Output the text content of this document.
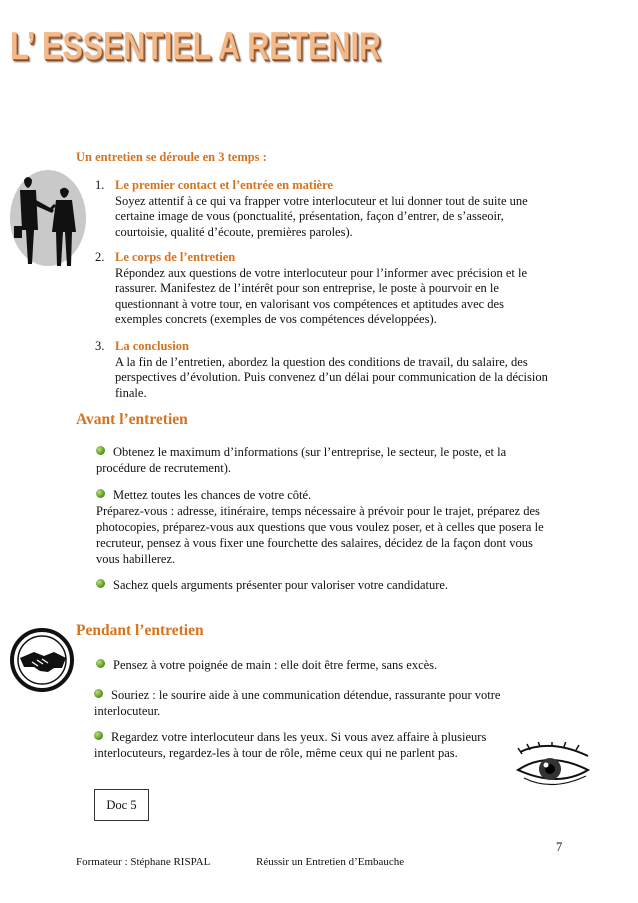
L’ ESSENTIEL A RETENIR
Un entretien se déroule en 3 temps :
1. Le premier contact et l’entrée en matière
Soyez attentif à ce qui va frapper votre interlocuteur et lui donner tout de suite une
certaine image de vous (ponctualité, présentation, façon d’entrer, de s’asseoir,
courtoisie, qualité d’écoute, premières paroles).
2. Le corps de l’entretien
Répondez aux questions de votre interlocuteur pour l’informer avec précision et le
rassurer. Manifestez de l’intérêt pour son entreprise, le poste à pourvoir en le
questionnant à votre tour, en valorisant vos compétences et aptitudes avec des
exemples concrets (exemples de vos compétences développées).
3. La conclusion
A la fin de l’entretien, abordez la question des conditions de travail, du salaire, des
perspectives d’évolution. Puis convenez d’un délai pour communication de la décision
finale.
Avant l’entretien
Obtenez le maximum d’informations (sur l’entreprise, le secteur, le poste, et la
procédure de recrutement).
Mettez toutes les chances de votre côté.
Préparez-vous : adresse, itinéraire, temps nécessaire à prévoir pour le trajet, préparez des
photocopies, préparez-vous aux questions que vous voulez poser, et à celles que posera le
recruteur, pensez à vous fixer une fourchette des salaires, décidez de la façon dont vous
vous habillerez.
Sachez quels arguments présenter pour valoriser votre candidature.
Pendant l’entretien
Pensez à votre poignée de main : elle doit être ferme, sans excès.
Souriez : le sourire aide à une communication détendue, rassurante pour votre
interlocuteur.
Regardez votre interlocuteur dans les yeux. Si vous avez affaire à plusieurs
interlocuteurs, regardez-les à tour de rôle, même ceux qui ne parlent pas.
Doc 5
7
Formateur : Stéphane RISPAL	Réussir un Entretien d’Embauche
